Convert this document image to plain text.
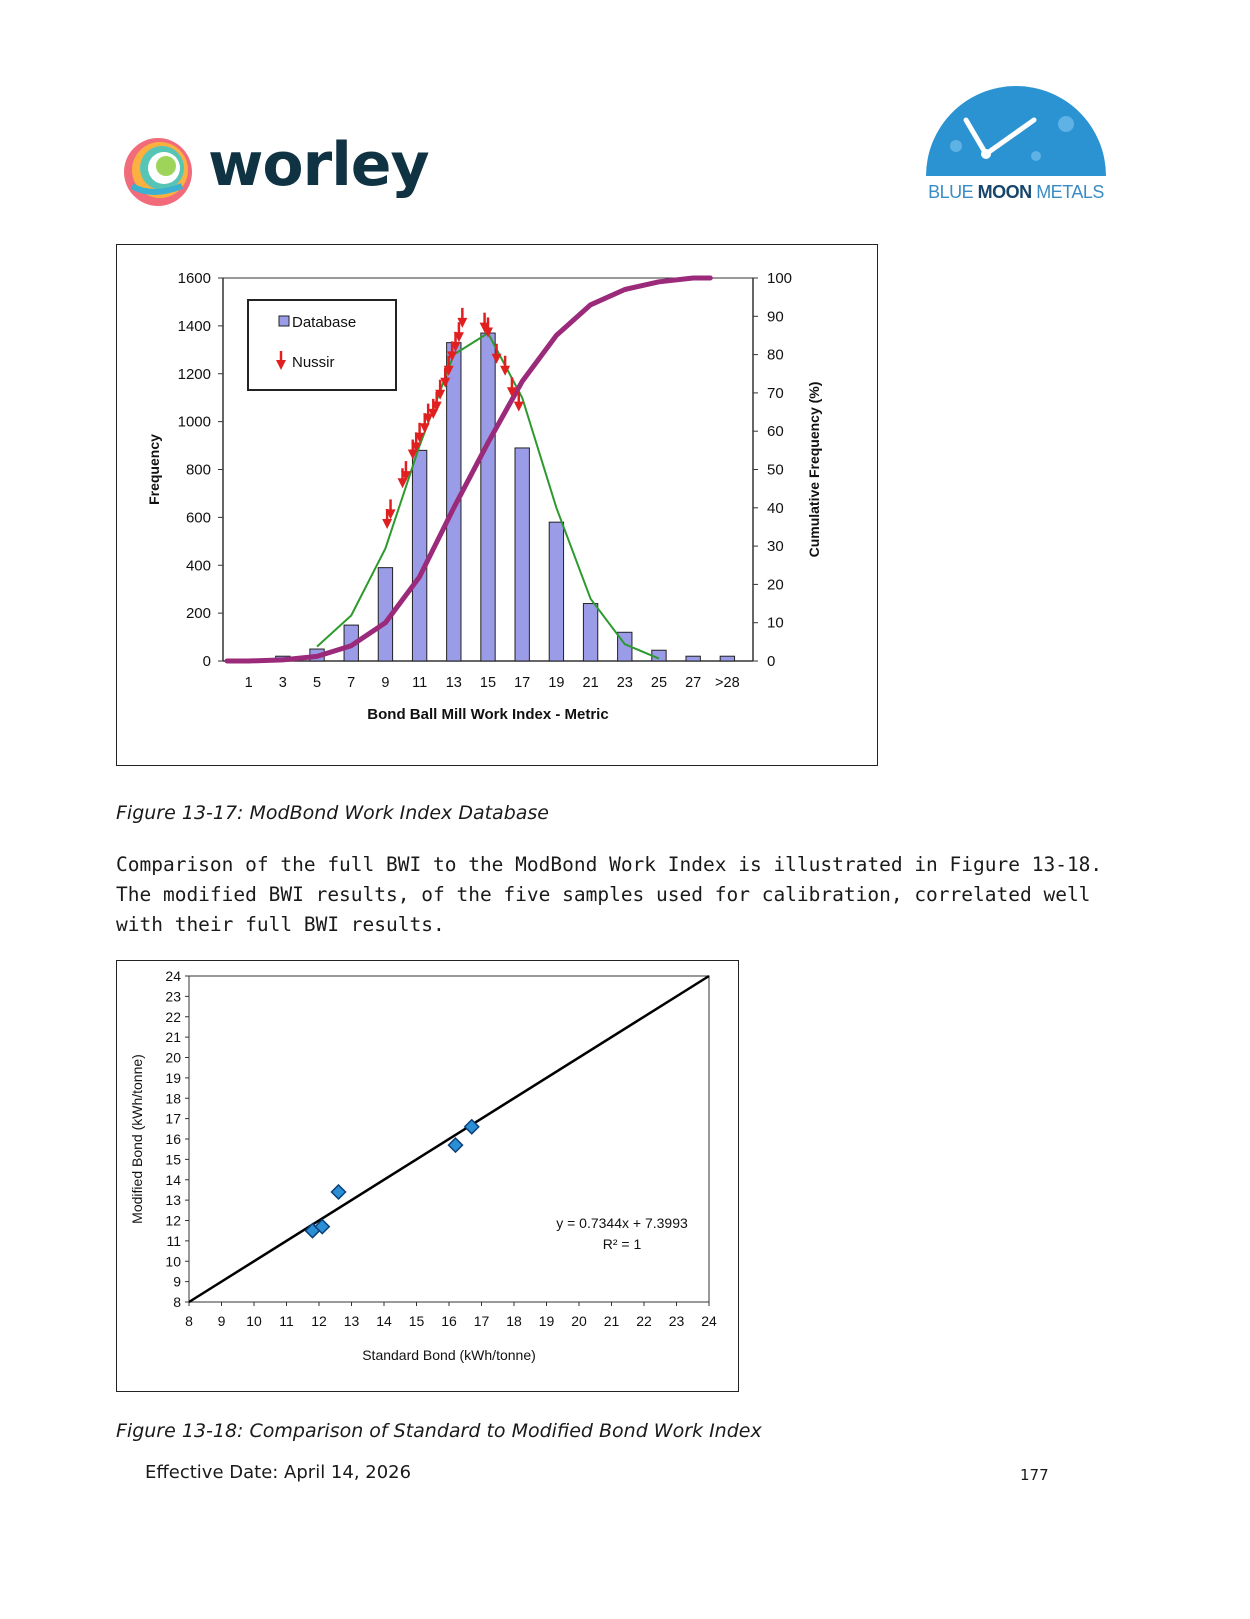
worley	BLUE MOON METALS
0
200
400
600
800
1000
1200
1400
1600
0
10
20
30
40
50
60
70
80
90
100
1 3 5 7 9 11 13 15 17 19 21 23 25 27 >28
Database
Nussir
Bond Ball Mill Work Index - Metric
Frequency	Cumulative Frequency (%)
Figure 13-17: ModBond Work Index Database
Comparison of the full BWI to the ModBond Work Index is illustrated in Figure 13-18. The modified BWI results, of the five samples used for calibration, correlated well with their full BWI results.
8
9
10
11
12
13
14
15
16
17
18
19
20
21
22
23
24
8 9 10 11 12 13 14 15 16 17 18 19 20 21 22 23 24
y = 0.7344x + 7.3993
R² = 1
Standard Bond (kWh/tonne)
Modified Bond (kWh/tonne)
Figure 13-18: Comparison of Standard to Modified Bond Work Index
Effective Date: April 14, 2026	177
